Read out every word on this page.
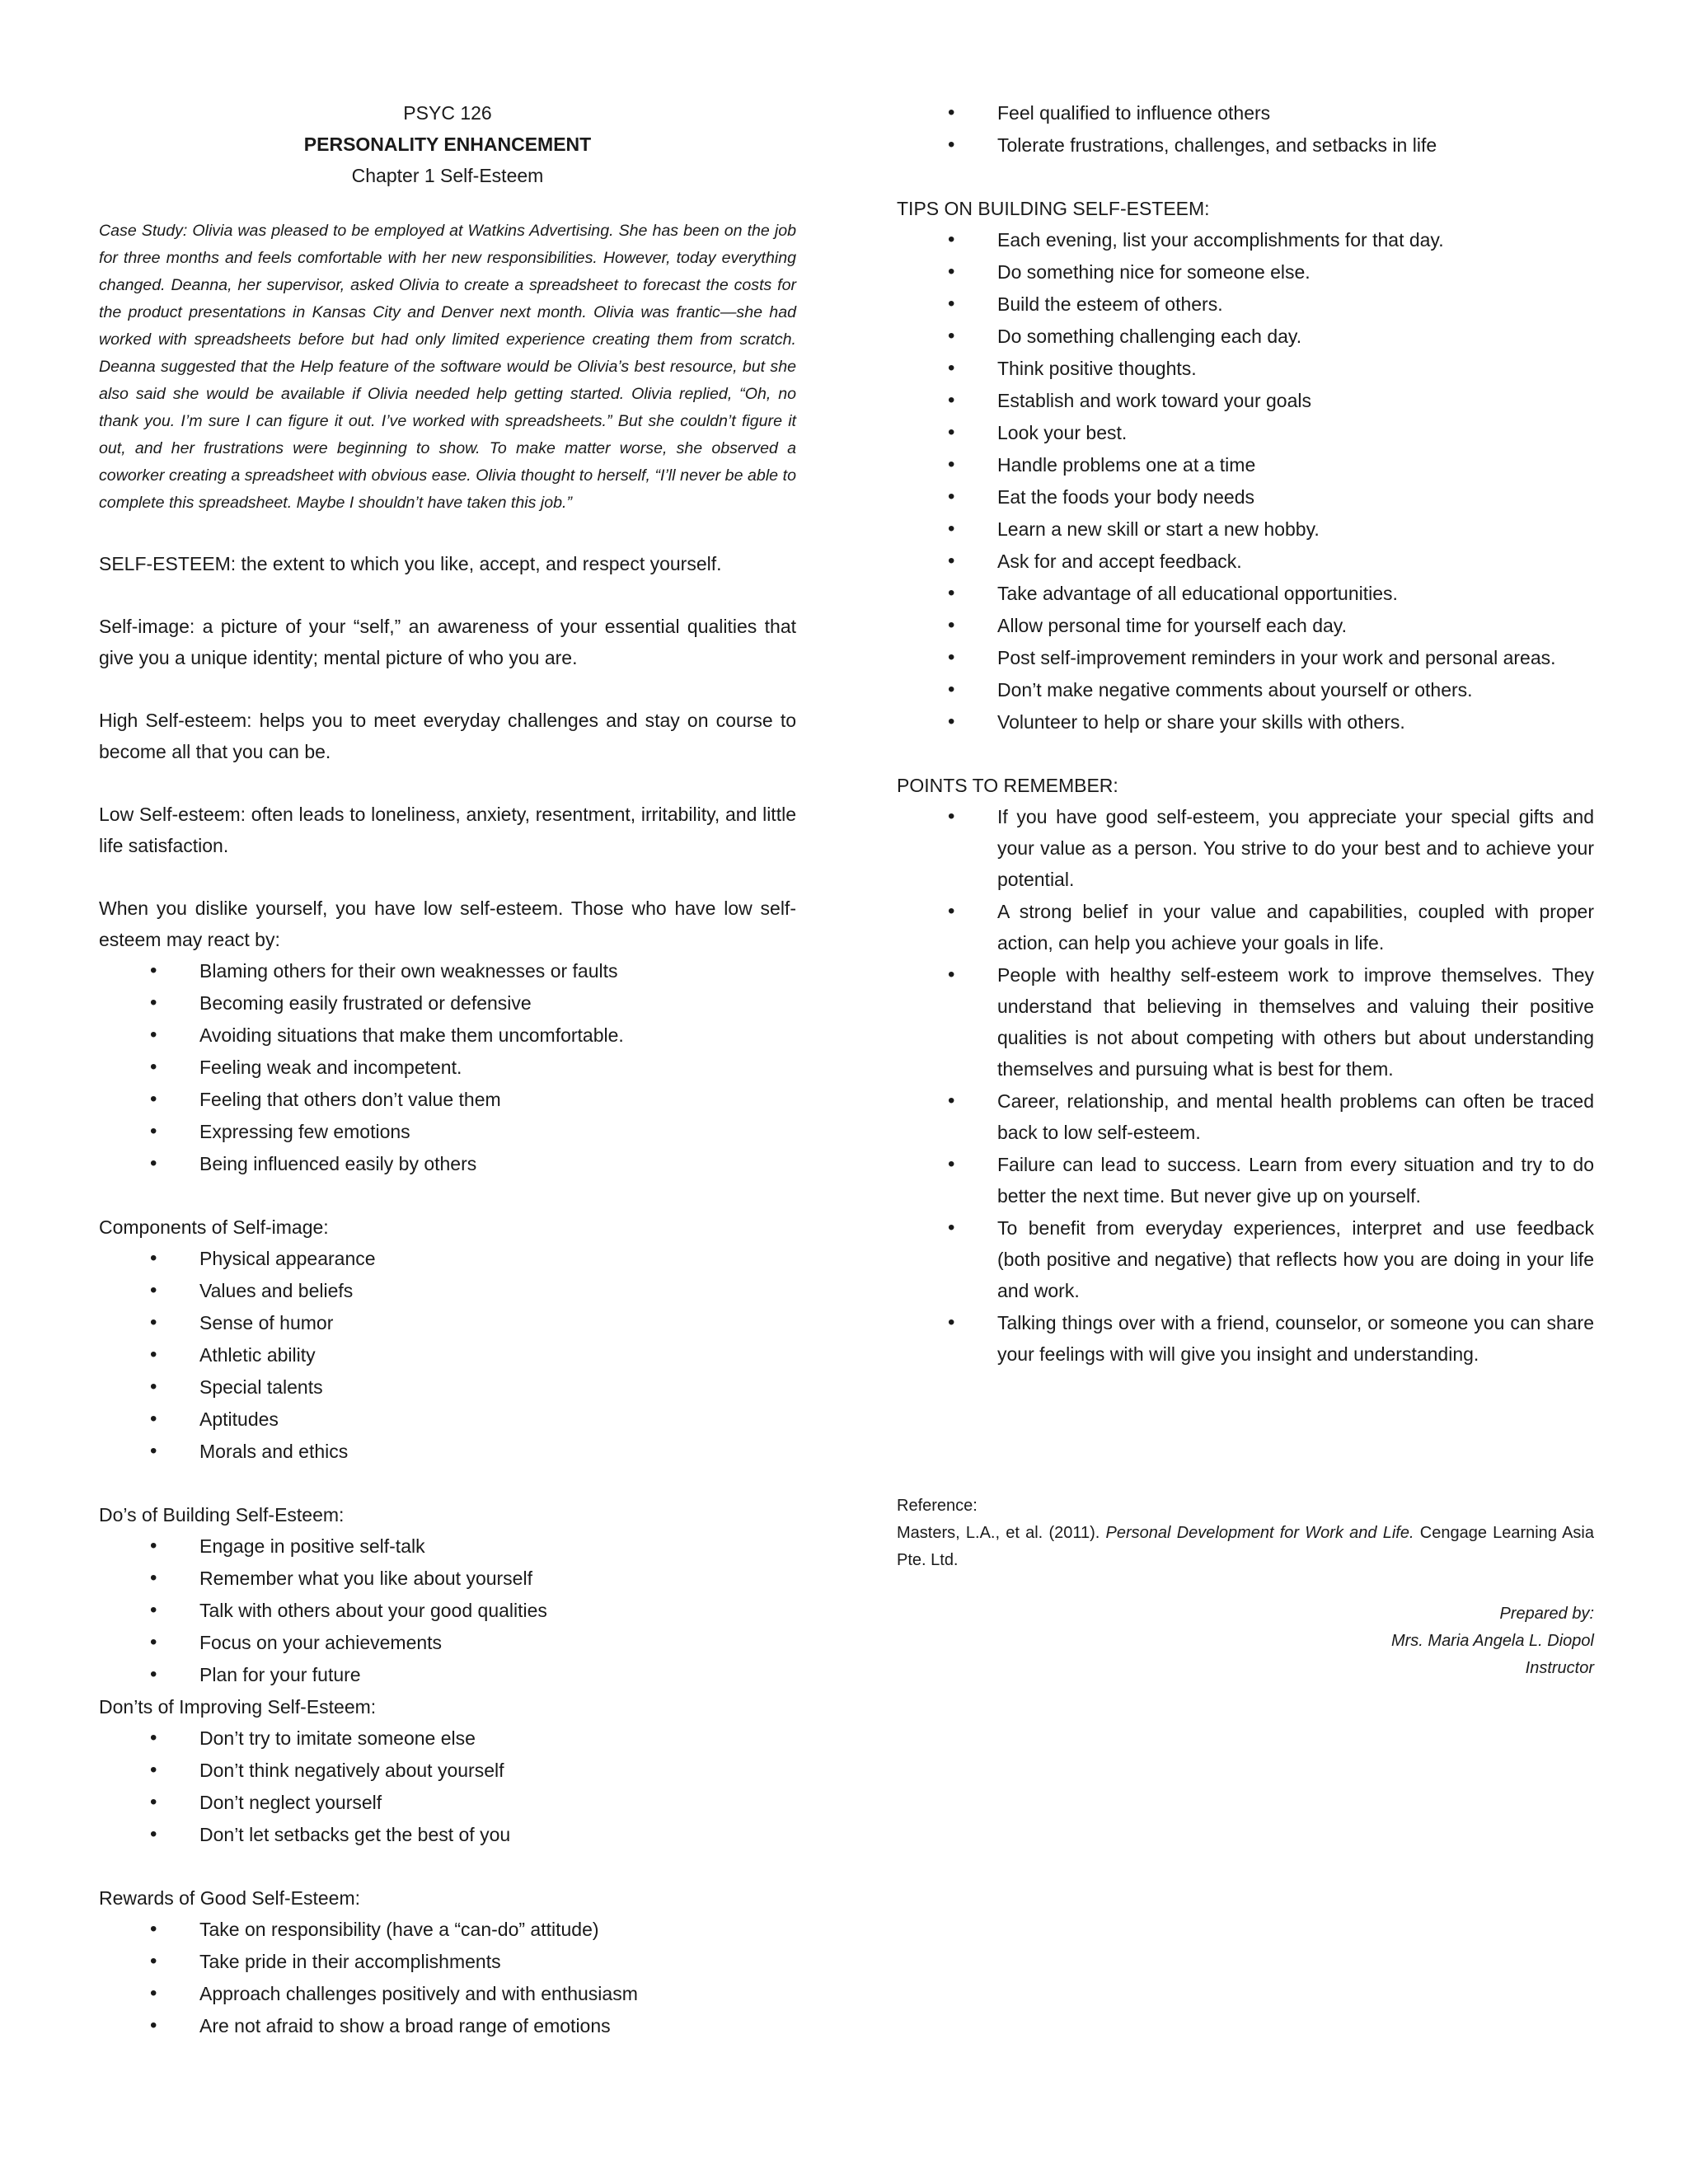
PSYC 126
PERSONALITY ENHANCEMENT
Chapter 1 Self-Esteem
Case Study: Olivia was pleased to be employed at Watkins Advertising. She has been on the job for three months and feels comfortable with her new responsibilities. However, today everything changed. Deanna, her supervisor, asked Olivia to create a spreadsheet to forecast the costs for the product presentations in Kansas City and Denver next month. Olivia was frantic—she had worked with spreadsheets before but had only limited experience creating them from scratch. Deanna suggested that the Help feature of the software would be Olivia’s best resource, but she also said she would be available if Olivia needed help getting started. Olivia replied, “Oh, no thank you. I’m sure I can figure it out. I’ve worked with spreadsheets.” But she couldn’t figure it out, and her frustrations were beginning to show. To make matter worse, she observed a coworker creating a spreadsheet with obvious ease. Olivia thought to herself, “I’ll never be able to complete this spreadsheet. Maybe I shouldn’t have taken this job.”

SELF-ESTEEM: the extent to which you like, accept, and respect yourself.

Self-image: a picture of your “self,” an awareness of your essential qualities that give you a unique identity; mental picture of who you are.

High Self-esteem: helps you to meet everyday challenges and stay on course to become all that you can be.

Low Self-esteem: often leads to loneliness, anxiety, resentment, irritability, and little life satisfaction.

When you dislike yourself, you have low self-esteem. Those who have low self-esteem may react by:

• Blaming others for their own weaknesses or faults
• Becoming easily frustrated or defensive
• Avoiding situations that make them uncomfortable.
• Feeling weak and incompetent.
• Feeling that others don’t value them
• Expressing few emotions
• Being influenced easily by others
Components of Self-image:
• Physical appearance
• Values and beliefs
• Sense of humor
• Athletic ability
• Special talents
• Aptitudes
• Morals and ethics
Do’s of Building Self-Esteem:
• Engage in positive self-talk
• Remember what you like about yourself
• Talk with others about your good qualities
• Focus on your achievements
• Plan for your future
Don’ts of Improving Self-Esteem:
• Don’t try to imitate someone else
• Don’t think negatively about yourself
• Don’t neglect yourself
• Don’t let setbacks get the best of you
Rewards of Good Self-Esteem:
• Take on responsibility (have a “can-do” attitude)
• Take pride in their accomplishments
• Approach challenges positively and with enthusiasm
• Are not afraid to show a broad range of emotions
• Feel qualified to influence others
• Tolerate frustrations, challenges, and setbacks in life
TIPS ON BUILDING SELF-ESTEEM:
• Each evening, list your accomplishments for that day.
• Do something nice for someone else.
• Build the esteem of others.
• Do something challenging each day.
• Think positive thoughts.
• Establish and work toward your goals
• Look your best.
• Handle problems one at a time
• Eat the foods your body needs
• Learn a new skill or start a new hobby.
• Ask for and accept feedback.
• Take advantage of all educational opportunities.
• Allow personal time for yourself each day.
• Post self-improvement reminders in your work and personal areas.
• Don’t make negative comments about yourself or others.
• Volunteer to help or share your skills with others.
POINTS TO REMEMBER:
• If you have good self-esteem, you appreciate your special gifts and your value as a person. You strive to do your best and to achieve your potential.
• A strong belief in your value and capabilities, coupled with proper action, can help you achieve your goals in life.
• People with healthy self-esteem work to improve themselves. They understand that believing in themselves and valuing their positive qualities is not about competing with others but about understanding themselves and pursuing what is best for them.
• Career, relationship, and mental health problems can often be traced back to low self-esteem.
• Failure can lead to success. Learn from every situation and try to do better the next time. But never give up on yourself.
• To benefit from everyday experiences, interpret and use feedback (both positive and negative) that reflects how you are doing in your life and work.
• Talking things over with a friend, counselor, or someone you can share your feelings with will give you insight and understanding.
Reference:
Masters, L.A., et al. (2011). Personal Development for Work and Life. Cengage Learning Asia Pte. Ltd.
Prepared by:
Mrs. Maria Angela L. Diopol
Instructor
